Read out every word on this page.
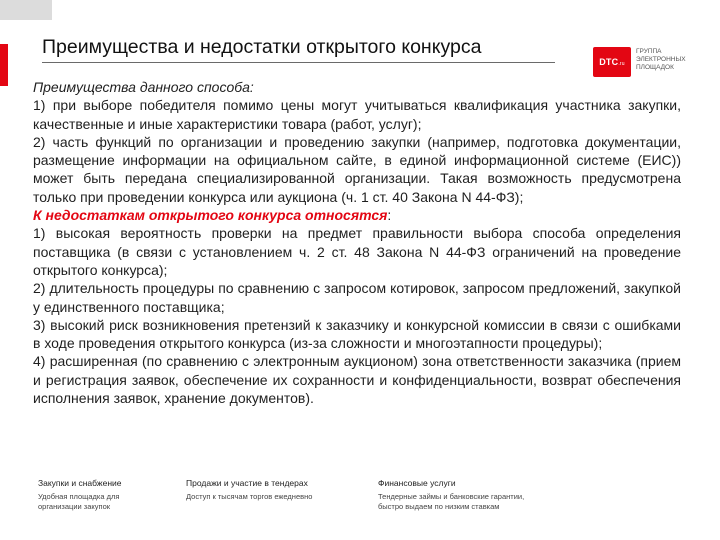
Преимущества и недостатки открытого конкурса
DTC.ru
ГРУППА
ЭЛЕКТРОННЫХ
ПЛОЩАДОК

Преимущества данного способа:

1) при выборе победителя помимо цены могут учитываться квалификация участника закупки, качественные и иные характеристики товара (работ, услуг);

2) часть функций по организации и проведению закупки (например, подготовка документации, размещение информации на официальном сайте, в единой информационной системе (ЕИС)) может быть передана специализированной организации. Такая возможность предусмотрена только при проведении конкурса или аукциона (ч. 1 ст. 40 Закона N 44-ФЗ);

К недостаткам открытого конкурса относятся:

1) высокая вероятность проверки на предмет правильности выбора способа определения поставщика (в связи с установлением ч. 2 ст. 48 Закона N 44-ФЗ ограничений на проведение открытого конкурса);

2) длительность процедуры по сравнению с запросом котировок, запросом предложений, закупкой у единственного поставщика;

3) высокий риск возникновения претензий к заказчику и конкурсной комиссии в связи с ошибками в ходе проведения открытого конкурса (из-за сложности и многоэтапности процедуры);

4) расширенная (по сравнению с электронным аукционом) зона ответственности заказчика (прием и регистрация заявок, обеспечение их сохранности и конфиденциальности, возврат обеспечения исполнения заявок, хранение документов).

Закупки и снабжение
Удобная площадка для
организации закупок
Продажи и участие в тендерах
Доступ к тысячам торгов ежедневно
Финансовые услуги
Тендерные займы и банковские гарантии,
быстро выдаем по низким ставкам
